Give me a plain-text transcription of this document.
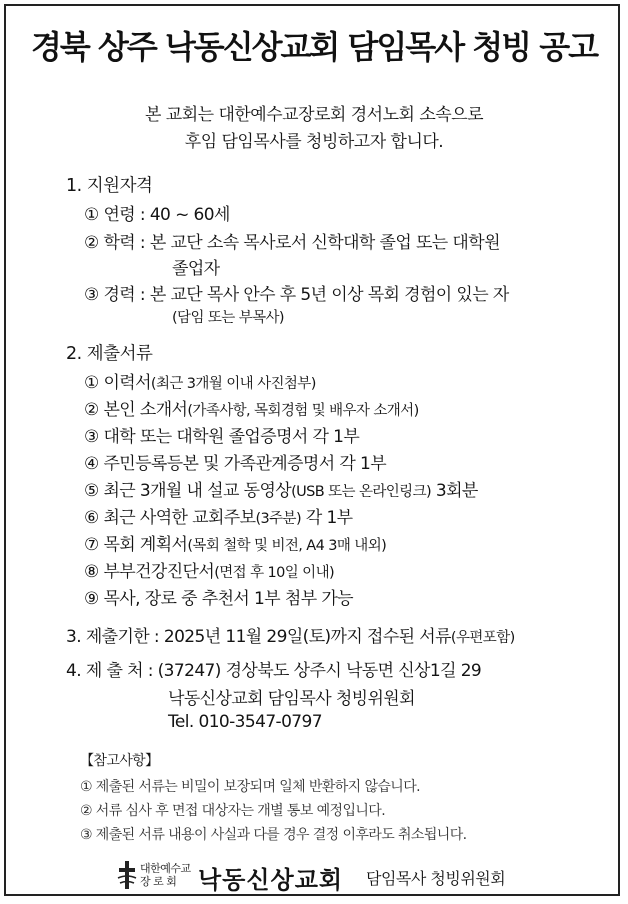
경북 상주 낙동신상교회 담임목사 청빙 공고
본 교회는 대한예수교장로회 경서노회 소속으로
후임 담임목사를 청빙하고자 합니다.
1. 지원자격
① 연령 : 40 ~ 60세
② 학력 : 본 교단 소속 목사로서 신학대학 졸업 또는 대학원
졸업자
③ 경력 : 본 교단 목사 안수 후 5년 이상 목회 경험이 있는 자
(담임 또는 부목사)
2. 제출서류
① 이력서(최근 3개월 이내 사진첨부)
② 본인 소개서(가족사항, 목회경험 및 배우자 소개서)
③ 대학 또는 대학원 졸업증명서 각 1부
④ 주민등록등본 및 가족관계증명서 각 1부
⑤ 최근 3개월 내 설교 동영상(USB 또는 온라인링크) 3회분
⑥ 최근 사역한 교회주보(3주분) 각 1부
⑦ 목회 계획서(목회 철학 및 비전, A4 3매 내외)
⑧ 부부건강진단서(면접 후 10일 이내)
⑨ 목사, 장로 중 추천서 1부 첨부 가능
3. 제출기한 : 2025년 11월 29일(토)까지 접수된 서류(우편포함)
4. 제 출 처 : (37247) 경상북도 상주시 낙동면 신상1길 29
낙동신상교회 담임목사 청빙위원회
Tel. 010-3547-0797
【참고사항】
① 제출된 서류는 비밀이 보장되며 일체 반환하지 않습니다.
② 서류 심사 후 면접 대상자는 개별 통보 예정입니다.
③ 제출된 서류 내용이 사실과 다를 경우 결정 이후라도 취소됩니다.
대한예수교
장 로 회 낙동신상교회 담임목사 청빙위원회
